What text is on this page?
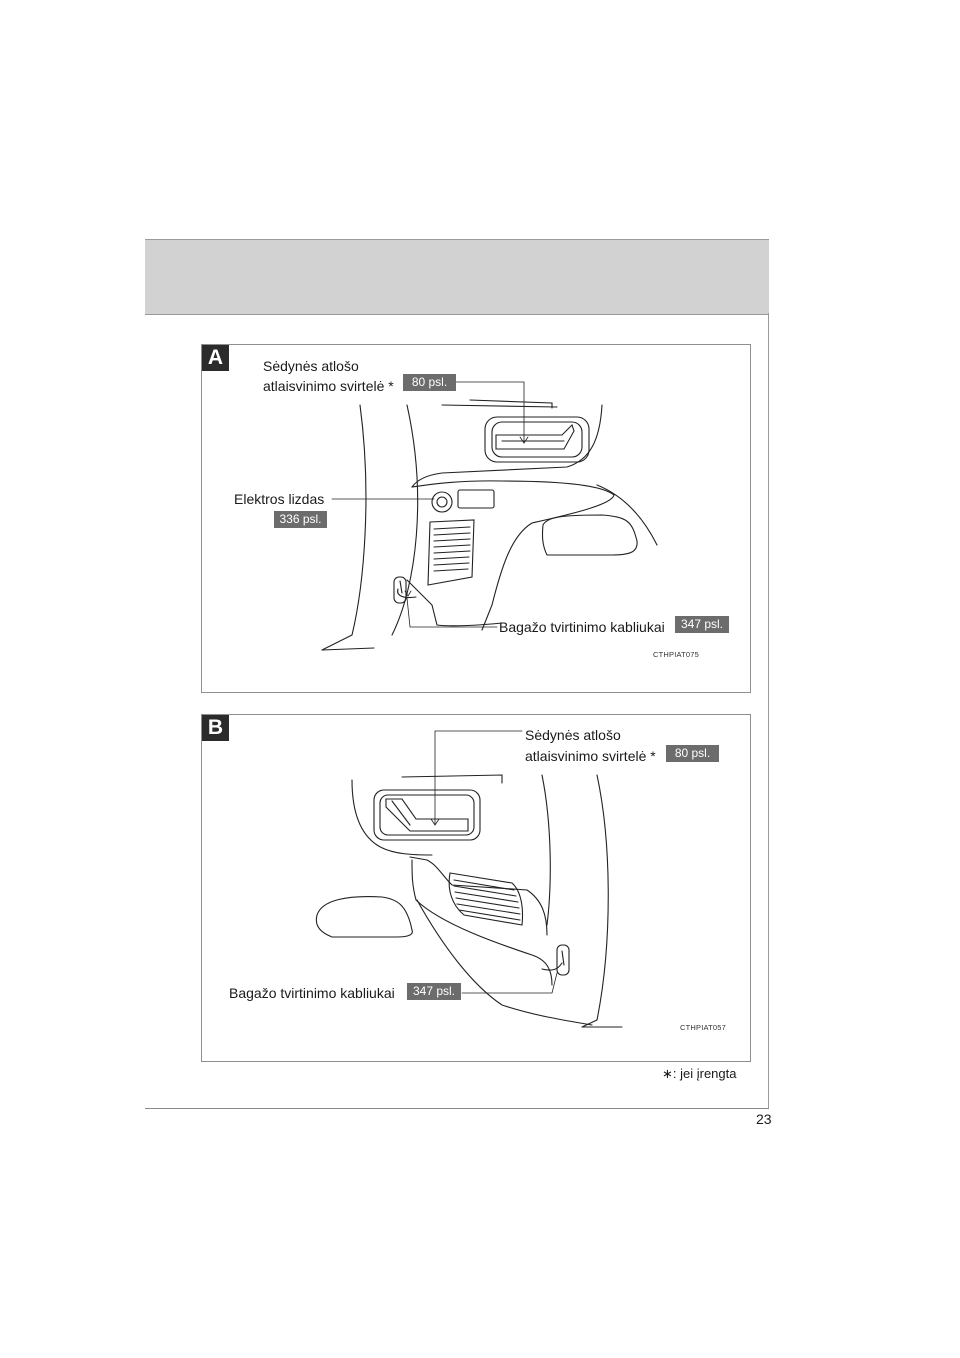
A	Sėdynės atlošo
atlaisvinimo svirtelė *	80 psl.
Elektros lizdas
336 psl.
Bagažo tvirtinimo kabliukai	347 psl.
CTHPIAT075
B	Sėdynės atlošo
atlaisvinimo svirtelė *	80 psl.
Bagažo tvirtinimo kabliukai	347 psl.
CTHPIAT057
∗: jei įrengta
23
